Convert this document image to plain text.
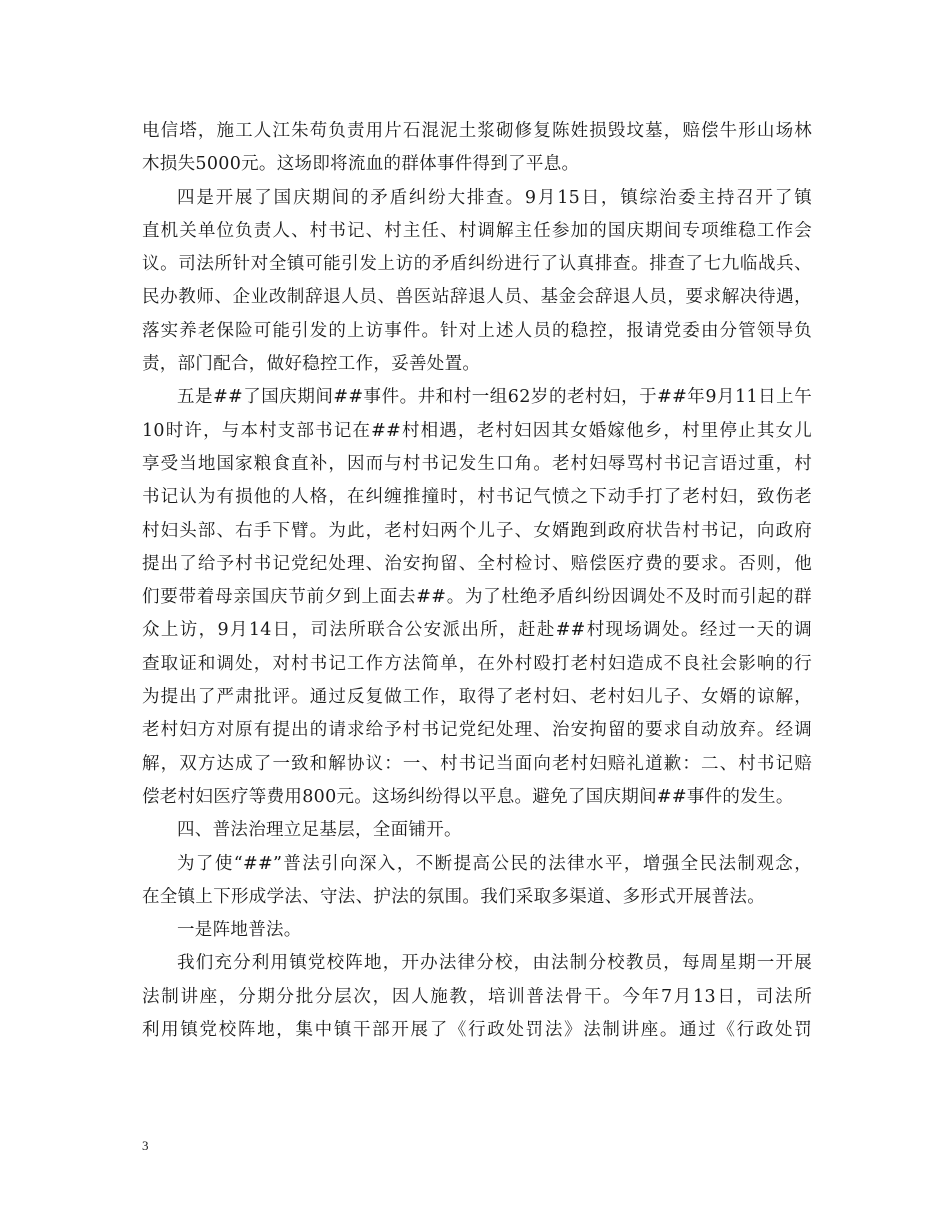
电信塔，施工人江朱苟负责用片石混泥土浆砌修复陈姓损毁坟墓，赔偿牛形山场林
木损失5000元。这场即将流血的群体事件得到了平息。
四是开展了国庆期间的矛盾纠纷大排查。9月15日，镇综治委主持召开了镇
直机关单位负责人、村书记、村主任、村调解主任参加的国庆期间专项维稳工作会
议。司法所针对全镇可能引发上访的矛盾纠纷进行了认真排查。排查了七九临战兵、
民办教师、企业改制辞退人员、兽医站辞退人员、基金会辞退人员，要求解决待遇，
落实养老保险可能引发的上访事件。针对上述人员的稳控，报请党委由分管领导负
责，部门配合，做好稳控工作，妥善处置。
五是##了国庆期间##事件。井和村一组62岁的老村妇，于##年9月11日上午
10时许，与本村支部书记在##村相遇，老村妇因其女婚嫁他乡，村里停止其女儿
享受当地国家粮食直补，因而与村书记发生口角。老村妇辱骂村书记言语过重，村
书记认为有损他的人格，在纠缠推撞时，村书记气愤之下动手打了老村妇，致伤老
村妇头部、右手下臂。为此，老村妇两个儿子、女婿跑到政府状告村书记，向政府
提出了给予村书记党纪处理、治安拘留、全村检讨、赔偿医疗费的要求。否则，他
们要带着母亲国庆节前夕到上面去##。为了杜绝矛盾纠纷因调处不及时而引起的群
众上访，9月14日，司法所联合公安派出所，赶赴##村现场调处。经过一天的调
查取证和调处，对村书记工作方法简单，在外村殴打老村妇造成不良社会影响的行
为提出了严肃批评。通过反复做工作，取得了老村妇、老村妇儿子、女婿的谅解，
老村妇方对原有提出的请求给予村书记党纪处理、治安拘留的要求自动放弃。经调
解，双方达成了一致和解协议：一、村书记当面向老村妇赔礼道歉：二、村书记赔
偿老村妇医疗等费用800元。这场纠纷得以平息。避免了国庆期间##事件的发生。
四、普法治理立足基层，全面铺开。
为了使“##”普法引向深入，不断提高公民的法律水平，增强全民法制观念，
在全镇上下形成学法、守法、护法的氛围。我们采取多渠道、多形式开展普法。
一是阵地普法。
我们充分利用镇党校阵地，开办法律分校，由法制分校教员，每周星期一开展
法制讲座，分期分批分层次，因人施教，培训普法骨干。今年7月13日，司法所
利用镇党校阵地，集中镇干部开展了《行政处罚法》法制讲座。通过《行政处罚
3
